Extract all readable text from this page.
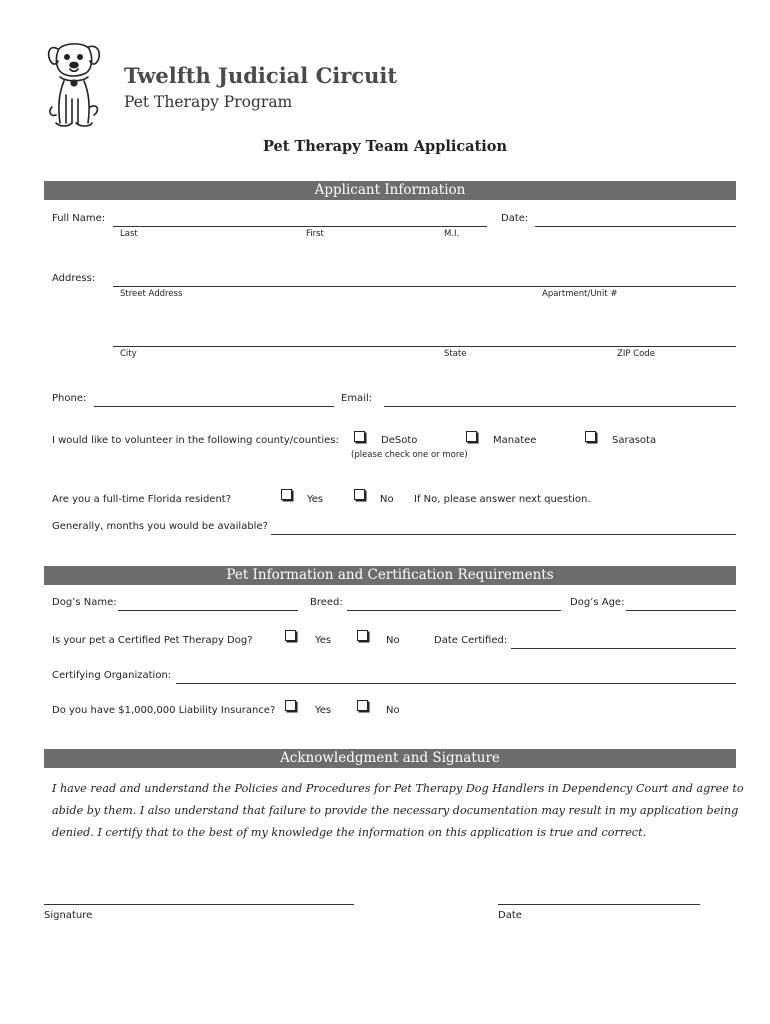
Twelfth Judicial Circuit
Pet Therapy Program
Pet Therapy Team Application
Applicant Information
Full Name:
Last	First	M.I.
Date:
Address:
Street Address	Apartment/Unit #
City	State	ZIP Code
Phone:	Email:
I would like to volunteer in the following county/counties:	DeSoto	Manatee	Sarasota
(please check one or more)
Are you a full-time Florida resident?	Yes	No If No, please answer next question.
Generally, months you would be available?
Pet Information and Certification Requirements
Dog’s Name:	Breed:	Dog’s Age:
Is your pet a Certified Pet Therapy Dog?	Yes	No	Date Certified:
Certifying Organization:
Do you have $1,000,000 Liability Insurance?	Yes	No
Acknowledgment and Signature
I have read and understand the Policies and Procedures for Pet Therapy Dog Handlers in Dependency Court and agree to
abide by them. I also understand that failure to provide the necessary documentation may result in my application being
denied. I certify that to the best of my knowledge the information on this application is true and correct.
Signature	Date
